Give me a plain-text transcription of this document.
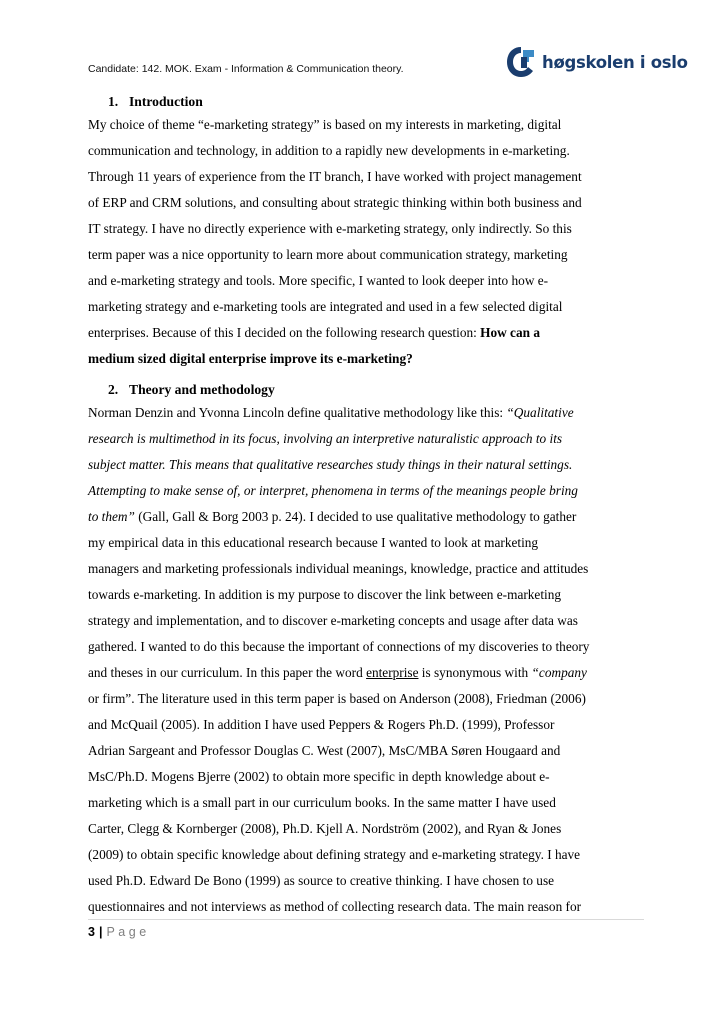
Candidate: 142. MOK. Exam - Information & Communication theory.	høgskolen i oslo
1. Introduction
My choice of theme “e-marketing strategy” is based on my interests in marketing, digital
communication and technology, in addition to a rapidly new developments in e-marketing.
Through 11 years of experience from the IT branch, I have worked with project management
of ERP and CRM solutions, and consulting about strategic thinking within both business and
IT strategy. I have no directly experience with e-marketing strategy, only indirectly. So this
term paper was a nice opportunity to learn more about communication strategy, marketing
and e-marketing strategy and tools. More specific, I wanted to look deeper into how e-
marketing strategy and e-marketing tools are integrated and used in a few selected digital
enterprises. Because of this I decided on the following research question: How can a
medium sized digital enterprise improve its e-marketing?
2. Theory and methodology
Norman Denzin and Yvonna Lincoln define qualitative methodology like this: “Qualitative
research is multimethod in its focus, involving an interpretive naturalistic approach to its
subject matter. This means that qualitative researches study things in their natural settings.
Attempting to make sense of, or interpret, phenomena in terms of the meanings people bring
to them” (Gall, Gall & Borg 2003 p. 24). I decided to use qualitative methodology to gather
my empirical data in this educational research because I wanted to look at marketing
managers and marketing professionals individual meanings, knowledge, practice and attitudes
towards e-marketing. In addition is my purpose to discover the link between e-marketing
strategy and implementation, and to discover e-marketing concepts and usage after data was
gathered. I wanted to do this because the important of connections of my discoveries to theory
and theses in our curriculum. In this paper the word enterprise is synonymous with “company
or firm”. The literature used in this term paper is based on Anderson (2008), Friedman (2006)
and McQuail (2005). In addition I have used Peppers & Rogers Ph.D. (1999), Professor
Adrian Sargeant and Professor Douglas C. West (2007), MsC/MBA Søren Hougaard and
MsC/Ph.D. Mogens Bjerre (2002) to obtain more specific in depth knowledge about e-
marketing which is a small part in our curriculum books. In the same matter I have used
Carter, Clegg & Kornberger (2008), Ph.D. Kjell A. Nordström (2002), and Ryan & Jones
(2009) to obtain specific knowledge about defining strategy and e-marketing strategy. I have
used Ph.D. Edward De Bono (1999) as source to creative thinking. I have chosen to use
questionnaires and not interviews as method of collecting research data. The main reason for
3 | Page
